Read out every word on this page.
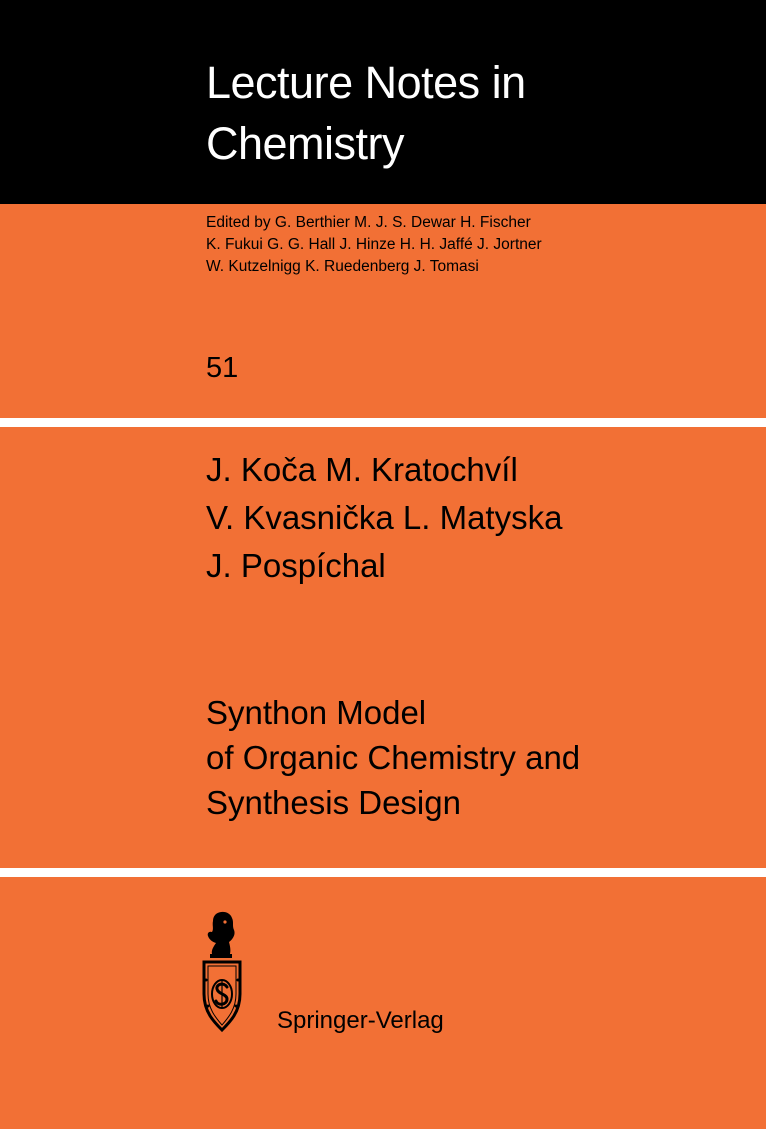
Lecture Notes in
Chemistry
Edited by G. Berthier M. J. S. Dewar H. Fischer
K. Fukui G. G. Hall J. Hinze H. H. Jaffé J. Jortner
W. Kutzelnigg K. Ruedenberg J. Tomasi
51
J. Koča M. Kratochvíl
V. Kvasnička L. Matyska
J. Pospíchal
Synthon Model
of Organic Chemistry and
Synthesis Design
Springer-Verlag
